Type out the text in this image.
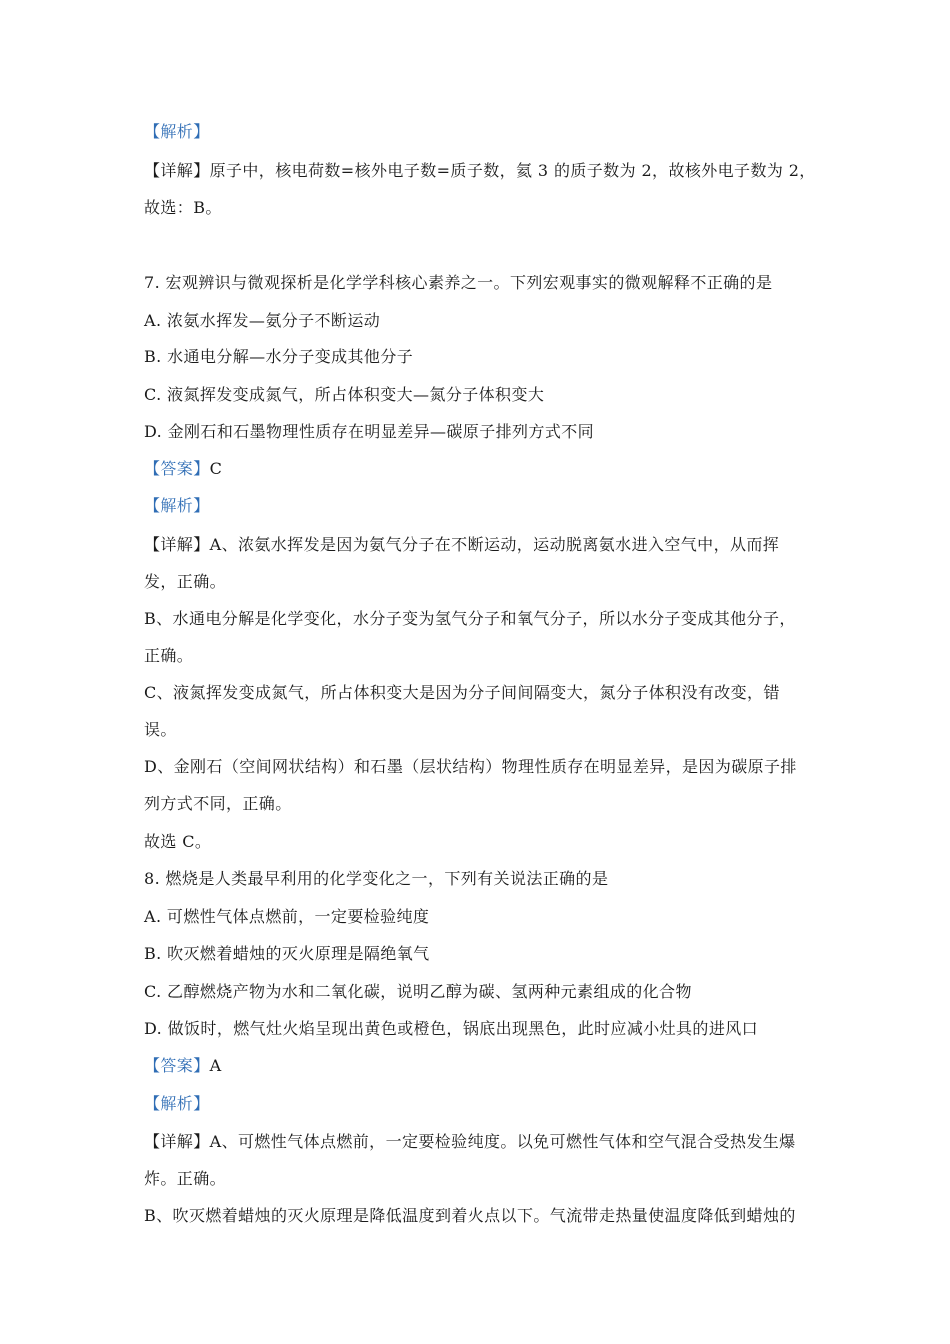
【解析】
【详解】原子中，核电荷数=核外电子数=质子数，氦 3 的质子数为 2，故核外电子数为 2，
故选：B。
7. 宏观辨识与微观探析是化学学科核心素养之一。下列宏观事实的微观解释不正确的是
A. 浓氨水挥发—氨分子不断运动
B. 水通电分解—水分子变成其他分子
C. 液氮挥发变成氮气，所占体积变大—氮分子体积变大
D. 金刚石和石墨物理性质存在明显差异—碳原子排列方式不同
【答案】C
【解析】
【详解】A、浓氨水挥发是因为氨气分子在不断运动，运动脱离氨水进入空气中，从而挥
发，正确。
B、水通电分解是化学变化，水分子变为氢气分子和氧气分子，所以水分子变成其他分子，
正确。
C、液氮挥发变成氮气，所占体积变大是因为分子间间隔变大，氮分子体积没有改变，错
误。
D、金刚石（空间网状结构）和石墨（层状结构）物理性质存在明显差异，是因为碳原子排
列方式不同，正确。
故选 C。
8. 燃烧是人类最早利用的化学变化之一，下列有关说法正确的是
A. 可燃性气体点燃前，一定要检验纯度
B. 吹灭燃着蜡烛的灭火原理是隔绝氧气
C. 乙醇燃烧产物为水和二氧化碳，说明乙醇为碳、氢两种元素组成的化合物
D. 做饭时，燃气灶火焰呈现出黄色或橙色，锅底出现黑色，此时应减小灶具的进风口
【答案】A
【解析】
【详解】A、可燃性气体点燃前，一定要检验纯度。以免可燃性气体和空气混合受热发生爆
炸。正确。
B、吹灭燃着蜡烛的灭火原理是降低温度到着火点以下。气流带走热量使温度降低到蜡烛的
